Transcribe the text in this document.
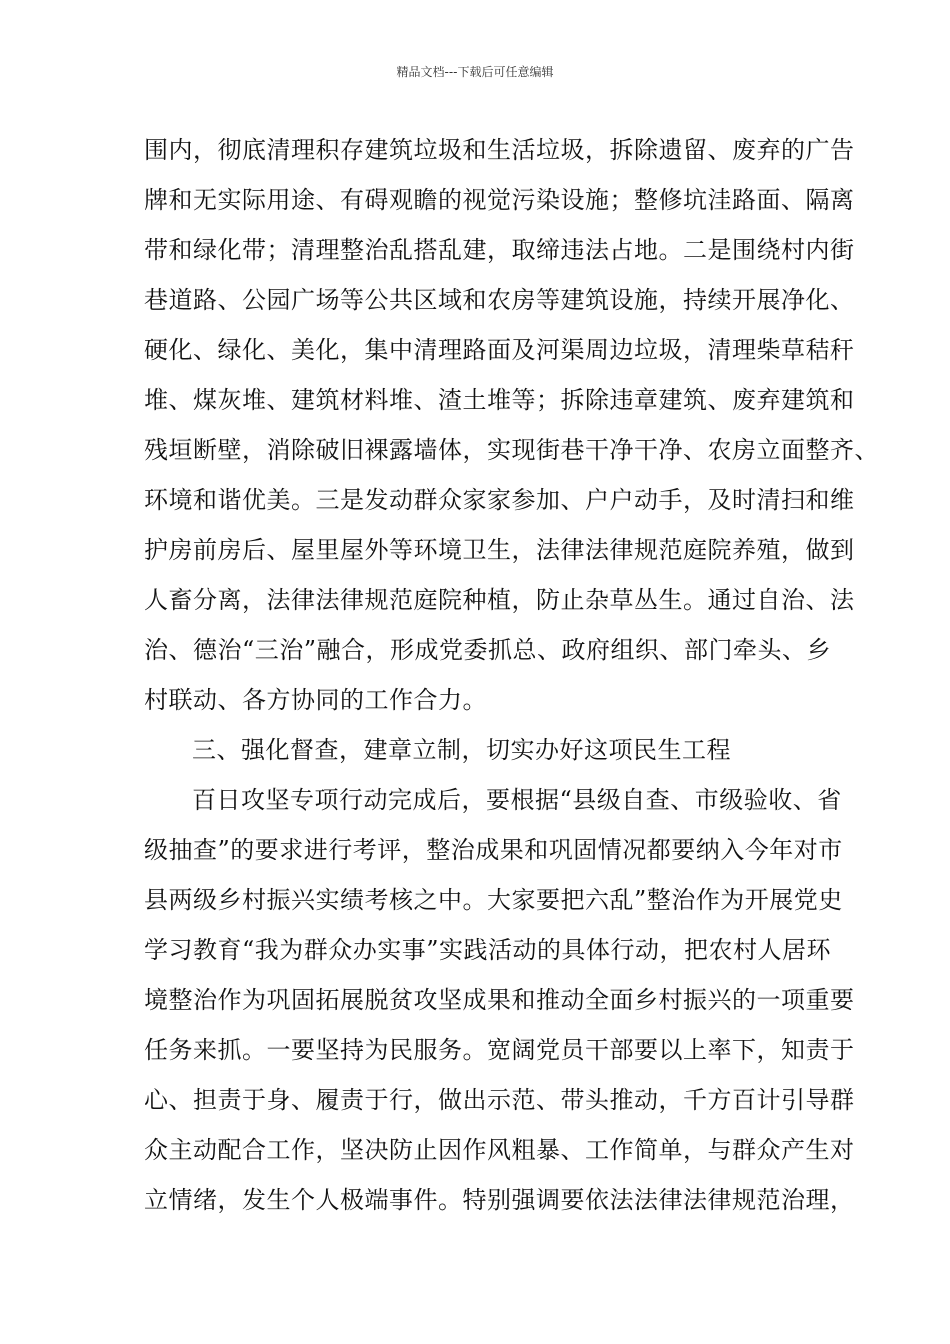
精品文档---下载后可任意编辑
围内，彻底清理积存建筑垃圾和生活垃圾，拆除遗留、废弃的广告
牌和无实际用途、有碍观瞻的视觉污染设施；整修坑洼路面、隔离
带和绿化带；清理整治乱搭乱建，取缔违法占地。二是围绕村内街
巷道路、公园广场等公共区域和农房等建筑设施，持续开展净化、
硬化、绿化、美化，集中清理路面及河渠周边垃圾，清理柴草秸秆
堆、煤灰堆、建筑材料堆、渣土堆等；拆除违章建筑、废弃建筑和
残垣断壁，消除破旧裸露墙体，实现街巷干净干净、农房立面整齐、
环境和谐优美。三是发动群众家家参加、户户动手，及时清扫和维
护房前房后、屋里屋外等环境卫生，法律法律规范庭院养殖，做到
人畜分离，法律法律规范庭院种植，防止杂草丛生。通过自治、法
治、德治“三治”融合，形成党委抓总、政府组织、部门牵头、乡
村联动、各方协同的工作合力。
三、强化督查，建章立制，切实办好这项民生工程
百日攻坚专项行动完成后，要根据“县级自查、市级验收、省
级抽查”的要求进行考评，整治成果和巩固情况都要纳入今年对市
县两级乡村振兴实绩考核之中。大家要把六乱”整治作为开展党史
学习教育“我为群众办实事”实践活动的具体行动，把农村人居环
境整治作为巩固拓展脱贫攻坚成果和推动全面乡村振兴的一项重要
任务来抓。一要坚持为民服务。宽阔党员干部要以上率下，知责于
心、担责于身、履责于行，做出示范、带头推动，千方百计引导群
众主动配合工作，坚决防止因作风粗暴、工作简单，与群众产生对
立情绪，发生个人极端事件。特别强调要依法法律法律规范治理，
